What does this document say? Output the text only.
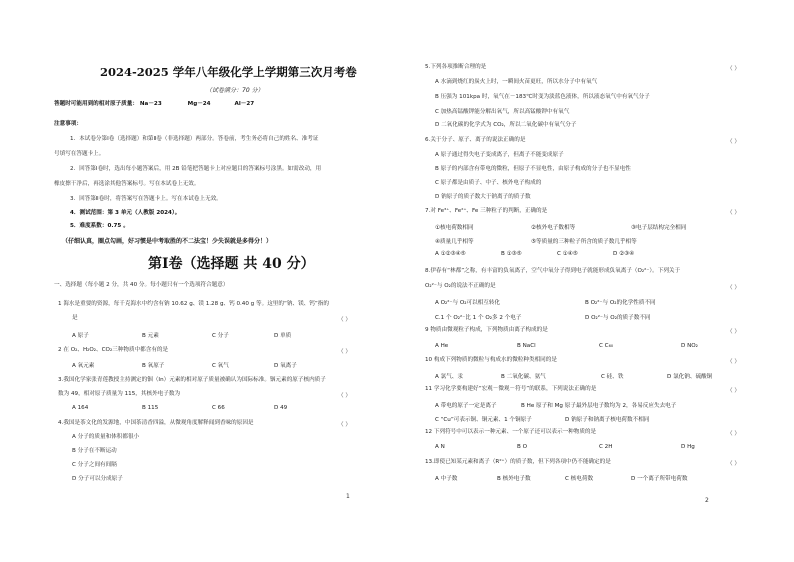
2024-2025 学年八年级化学上学期第三次月考卷
（试卷满分：70 分）
答题时可能用到的相对原子质量： Na－23	Mg－24	Al－27
注意事项：
1．本试卷分第Ⅰ卷（选择题）和第Ⅱ卷（非选择题）两部分。答卷前，考生务必将自己的姓名、准考证
号填写在答题卡上。
2．回答第Ⅰ卷时，选出每小题答案后，用 2B 铅笔把答题卡上对应题目的答案标号涂黑。如需改动，用
橡皮擦干净后，再选涂其他答案标号。写在本试卷上无效。
3．回答第Ⅱ卷时，将答案写在答题卡上。写在本试卷上无效。
4．测试范围：第 3 单元（人教版 2024）。
5．难度系数：0.75 。
（仔细认真，圈点勾画，好习惯是中考取胜的不二法宝！少失误就是多得分！）
第Ⅰ卷（选择题 共 40 分）
一、选择题（每小题 2 分，共 40 分。每小题只有一个选项符合题意）
1 海水是重要的资源，每千克海水中约含有钠 10.62 g、镁 1.28 g、钙 0.40 g 等。这里的“钠、镁、钙”指的
是	（ ）
A 原子	B 元素	C 分子	D 单质
2 在 O₂、H₂O₂、CO₂三种物质中都含有的是	（ ）
A 氧元素	B 氧原子	C 氧气	D 氧离子
3.我国化学家张青莲教授主持测定的铟（In）元素的相对原子质量被确认为国际标准。铟元素的原子核内质子
数为 49，相对原子质量为 115，其核外电子数为	（ ）
A 164	B 115	C 66	D 49
4.我国是茶文化的发源地，中国茶清香四溢，从微观角度解释闻到香味的原因是	（ ）
A 分子的质量和体积都很小
B 分子在不断运动
C 分子之间有间隔
D 分子可以分成原子
1
5.下列各项推断合理的是	（ ）
A 水滴到烧红的炭火上时，一瞬间火苗更旺，所以水分子中有氧气
B 压强为 101kpa 时，氧气在－183℃时变为淡蓝色液体，所以液态氧气中有氧气分子
C 加热高锰酸钾能分解出氧气，所以高锰酸钾中有氧气
D 二氧化碳的化学式为 CO₂，所以二氧化碳中有氧气分子
6.关于分子、原子、离子的说法正确的是	（ ）
A 原子通过得失电子变成离子，但离子不能变成原子
B 原子的内部含有带电的微粒，但原子不显电性，由原子构成的分子也不显电性
C 原子都是由质子、中子、核外电子构成的
D 钠原子的质子数大于钠离子的质子数
7.对 Fe³⁺、Fe²⁺、Fe 三种粒子的判断，正确的是	（ ）
①核电荷数相同	②核外电子数相等	③电子层结构完全相同
④质量几乎相等	⑤等质量的三种粒子所含的质子数几乎相等
A ①②③④⑤	B ①③⑤	C ①④⑤	D ②③④
8.伊春有“林都”之称，有丰富的负氧离子，空气中氧分子得到电子就能形成负氧离子（O₂²⁻）。下列关于
O₂²⁻与 O₂的说法不正确的是	（ ）
A O₂²⁻与 O₂可以相互转化	B O₂²⁻与 O₂的化学性质不同
C.1 个 O₂²⁻比 1 个 O₂多 2 个电子	D O₂²⁻与 O₂的质子数不同
9 物质由微观粒子构成，下列物质由离子构成的是	（ ）
A He	B NaCl	C C₆₀	D NO₂
10 构成下列物质的微粒与构成水的微粒种类相同的是	（ ）
A 氯气、汞	B 二氧化碳、氨气	C 硅、铁	D 氯化钠、硫酸铜
11 学习化学要构建好“宏观－微观－符号”的联系，下列说法正确的是	（ ）
A 带电的原子一定是离子	B He 原子和 Mg 原子最外层电子数均为 2，各易反应失去电子
C “Cu”可表示铜、铜元素、1 个铜原子	D 钠原子和钠离子核电荷数不相同
12 下列符号中可以表示一种元素、一个原子还可以表示一种物质的是	（ ）
A N	B O	C 2H	D Hg
13.即使已知某元素和离子（R²⁺）的质子数，但下列各项中仍不能确定的是	（ ）
A 中子数	B 核外电子数	C 核电荷数	D 一个离子所带电荷数
2
